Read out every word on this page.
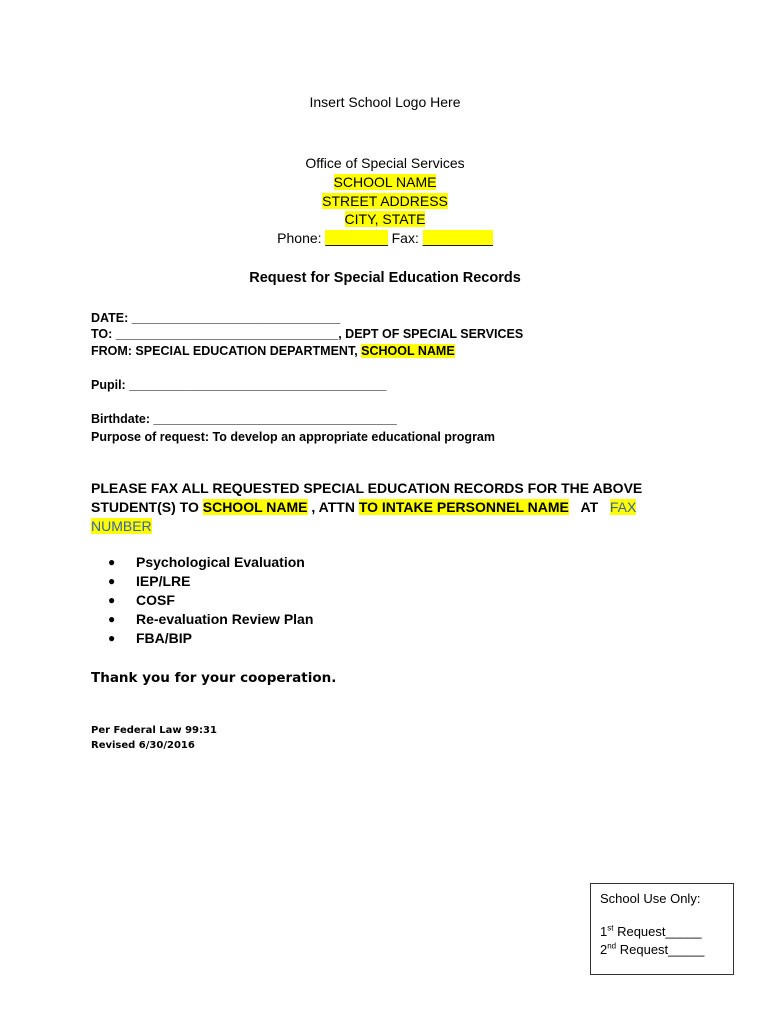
Insert School Logo Here
Office of Special Services
SCHOOL NAME
STREET ADDRESS
CITY, STATE
Phone: ________ Fax: _________
Request for Special Education Records
DATE: ______________________________
TO: ________________________________, DEPT OF SPECIAL SERVICES
FROM: SPECIAL EDUCATION DEPARTMENT, SCHOOL NAME
Pupil: _____________________________________
Birthdate: ___________________________________
Purpose of request: To develop an appropriate educational program
PLEASE FAX ALL REQUESTED SPECIAL EDUCATION RECORDS FOR THE ABOVE
STUDENT(S) TO SCHOOL NAME , ATTN TO INTAKE PERSONNEL NAME AT FAX
NUMBER
● Psychological Evaluation
● IEP/LRE
● COSF
● Re-evaluation Review Plan
● FBA/BIP
Thank you for your cooperation.
Per Federal Law 99:31
Revised 6/30/2016
School Use Only:
1st Request_____
2nd Request_____
